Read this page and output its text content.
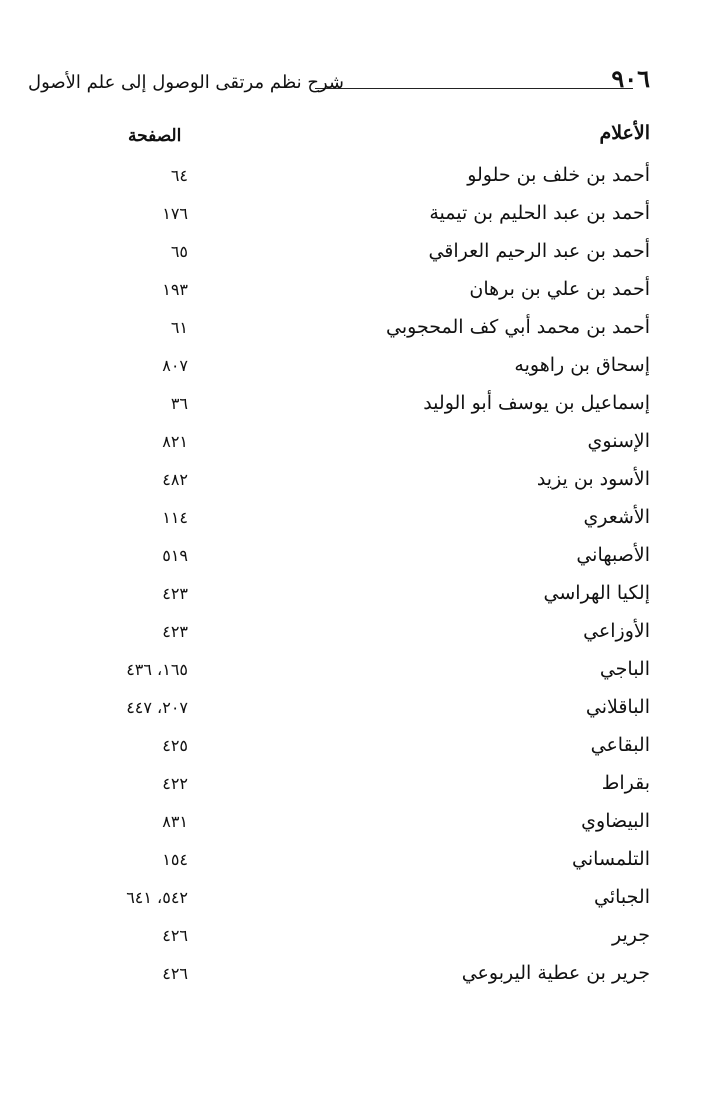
٩٠٦
شرح نظم مرتقى الوصول إلى علم الأصول
الأعلام
الصفحة
أحمد بن خلف بن حلولو
٦٤
أحمد بن عبد الحليم بن تيمية
١٧٦
أحمد بن عبد الرحيم العراقي
٦٥
أحمد بن علي بن برهان
١٩٣
أحمد بن محمد أبي كف المحجوبي
٦١
إسحاق بن راهويه
٨٠٧
إسماعيل بن يوسف أبو الوليد
٣٦
الإسنوي
٨٢١
الأسود بن يزيد
٤٨٢
الأشعري
١١٤
الأصبهاني
٥١٩
إلكيا الهراسي
٤٢٣
الأوزاعي
٤٢٣
الباجي
١٦٥، ٤٣٦
الباقلاني
٢٠٧، ٤٤٧
البقاعي
٤٢٥
بقراط
٤٢٢
البيضاوي
٨٣١
التلمساني
١٥٤
الجبائي
٥٤٢، ٦٤١
جرير
٤٢٦
جرير بن عطية اليربوعي
٤٢٦
